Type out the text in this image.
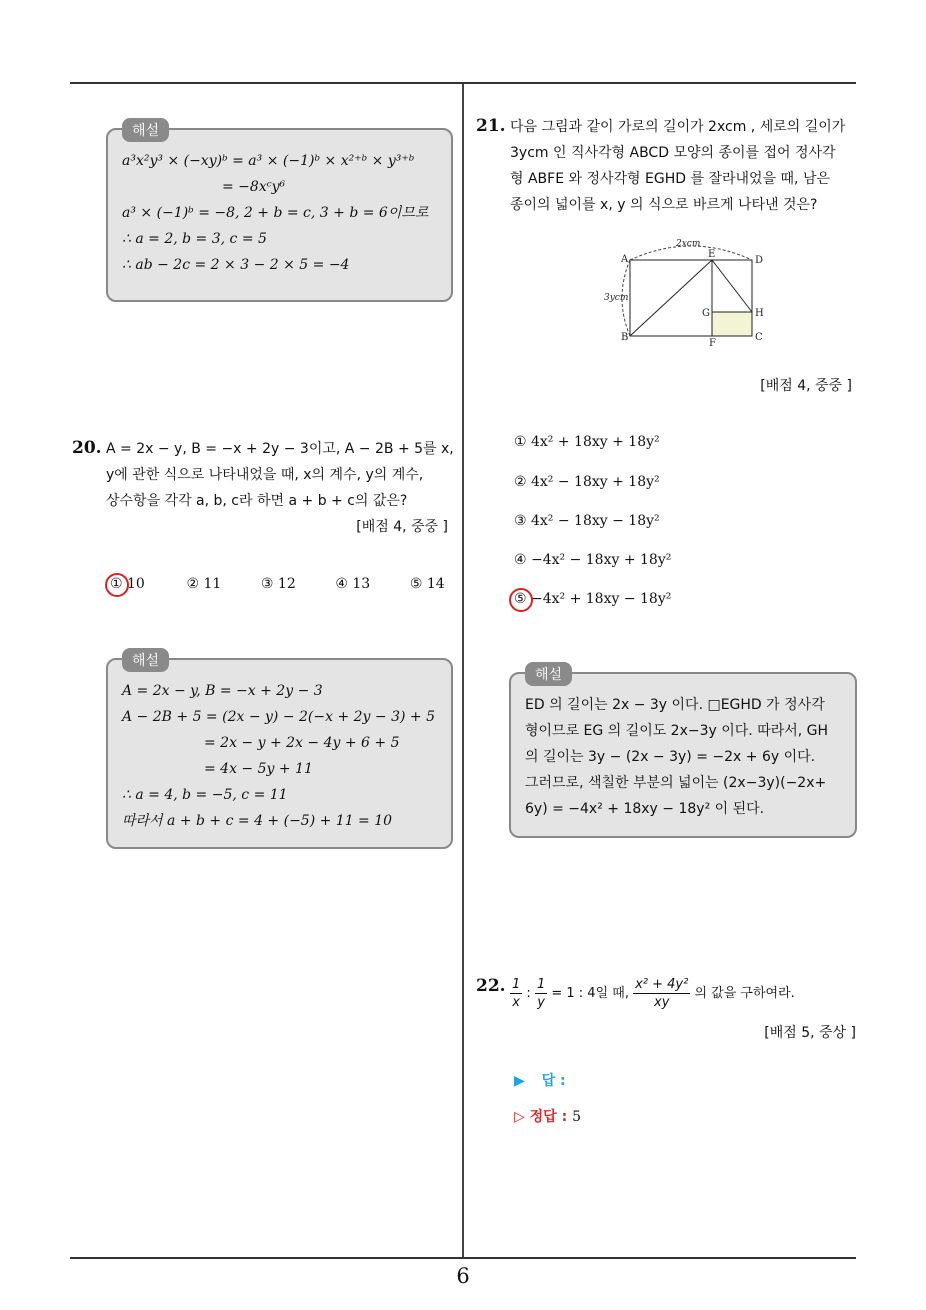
해설
a³x²y³ × (−xy)ᵇ = a³ × (−1)ᵇ × x²⁺ᵇ × y³⁺ᵇ
= −8xᶜy⁶
a³ × (−1)ᵇ = −8, 2 + b = c, 3 + b = 6이므로
∴ a = 2, b = 3, c = 5
∴ ab − 2c = 2 × 3 − 2 × 5 = −4
20. A = 2x − y, B = −x + 2y − 3이고, A − 2B + 5를 x,
y에 관한 식으로 나타내었을 때, x의 계수, y의 계수,
상수항을 각각 a, b, c라 하면 a + b + c의 값은?
[배점 4, 중중 ]
① 10	② 11	③ 12	④ 13	⑤ 14
해설
A = 2x − y, B = −x + 2y − 3
A − 2B + 5 = (2x − y) − 2(−x + 2y − 3) + 5
= 2x − y + 2x − 4y + 6 + 5
= 4x − 5y + 11
∴ a = 4, b = −5, c = 11
따라서 a + b + c = 4 + (−5) + 11 = 10
21. 다음 그림과 같이 가로의 길이가 2xcm , 세로의 길이가
3ycm 인 직사각형 ABCD 모양의 종이를 접어 정사각
형 ABFE 와 정사각형 EGHD 를 잘라내었을 때, 남은
종이의 넓이를 x, y 의 식으로 바르게 나타낸 것은?
2xcm
3ycm
A	E
D
G	H
B
F
C
[배점 4, 중중 ]
① 4x² + 18xy + 18y²
② 4x² − 18xy + 18y²
③ 4x² − 18xy − 18y²
④ −4x² − 18xy + 18y²
⑤ −4x² + 18xy − 18y²
해설
ED 의 길이는 2x − 3y 이다. □EGHD 가 정사각
형이므로 EG 의 길이도 2x−3y 이다. 따라서, GH
의 길이는 3y − (2x − 3y) = −2x + 6y 이다.
그러므로, 색칠한 부분의 넓이는 (2x−3y)(−2x+
6y) = −4x² + 18xy − 18y² 이 된다.
22. $\frac{1}{x}$ : $\frac{1}{y} = 1$ : 4일 때, $\frac{\text{x² + 4y²}}{xy}$ 의 값을 구하여라.
[배점 5, 중상 ]
▶ 답 :
▷ 정답 : 5
6
